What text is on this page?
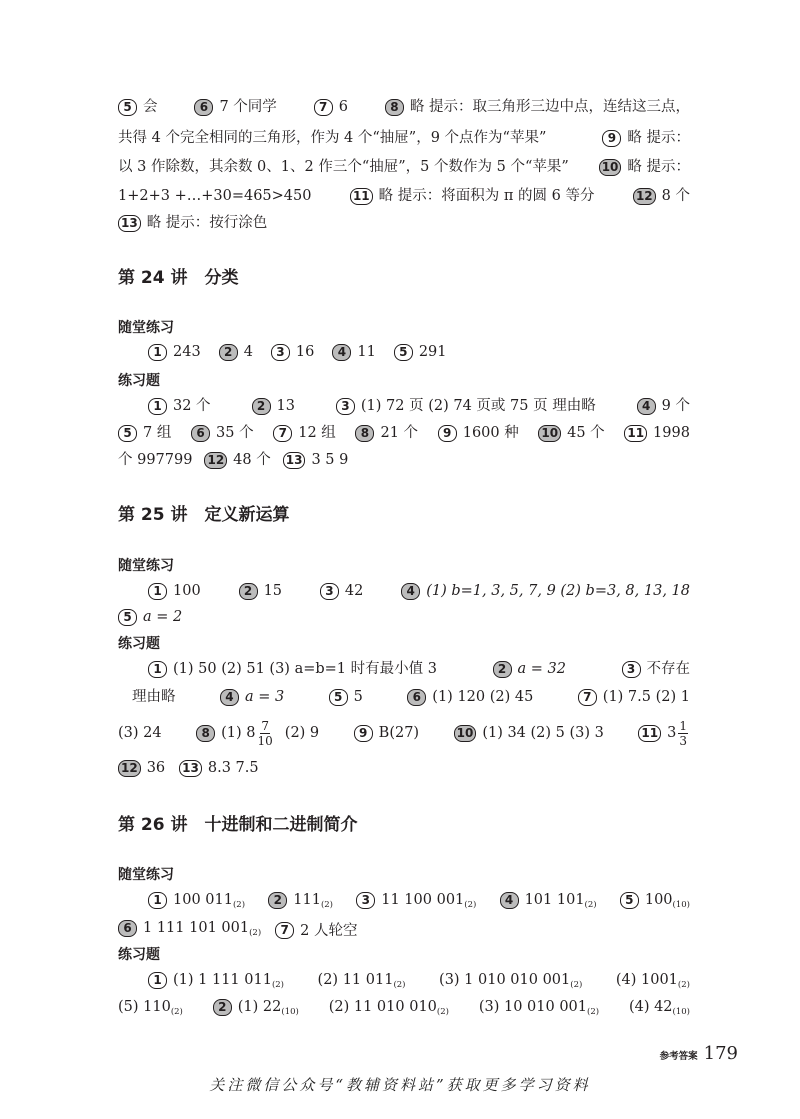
5 会	6 7 个同学	7 6	8 略 提示：取三角形三边中点，连结这三点，
共得 4 个完全相同的三角形，作为 4 个“抽屉”，9 个点作为“苹果”	9 略 提示：
以 3 作除数，其余数 0、1、2 作三个“抽屉”，5 个数作为 5 个“苹果”	10 略 提示：
1+2+3 +…+30=465>450	11 略 提示：将面积为 π 的圆 6 等分	12 8 个
13 略 提示：按行涂色
第 24 讲　分类
随堂练习
1 243	2 4	3 16	4 11	5 291
练习题
1 32 个	2 13	3 (1) 72 页 (2) 74 页或 75 页 理由略	4 9 个
5 7 组	6 35 个	7 12 组	8 21 个	9 1600 种 10 45 个 11 1998
个 997799 12 48 个 13 3 5 9
第 25 讲　定义新运算
随堂练习
1 100	2 15	3 42	4 (1) b=1, 3, 5, 7, 9 (2) b=3, 8, 13, 18
5 a = 2
练习题
1 (1) 50 (2) 51 (3) a=b=1 时有最小值 3	2 a = 32	3 不存在
理由略	4 a = 3	5 5	6 (1) 120 (2) 45	7 (1) 7.5 (2) 1
(3) 24	8 (1) $8 \frac{7}{10} (2)$ 9	9 B(27)	10 (1) 34 (2) 5 (3) 3	11 $3 \frac{1}{3}$
12 36 13 8.3 7.5
第 26 讲　十进制和二进制简介
随堂练习
1 100 $011_{(2)}$	2 $111_{(2)}$	3 11 100 $001_{(2)}$	4 101 $101_{(2)}$	5 $100_{(10)}$
6 1 111 101 $001_{(2)}$	7 2 人轮空
练习题
1 (1) 1 111 $011_{(2)}$ (2) 11 $011_{(2)}$ (3) 1 010 010 $001_{(2)}$ (4) $1001_{(2)}$
(5) $110_{(2)}$	2 (1) $22_{(10)}$ (2) 11 010 $010_{(2)}$ (3) 10 010 $001_{(2)}$ (4) $42_{(10)}$
参考答案 179
关注微信公众号“教辅资料站”获取更多学习资料
